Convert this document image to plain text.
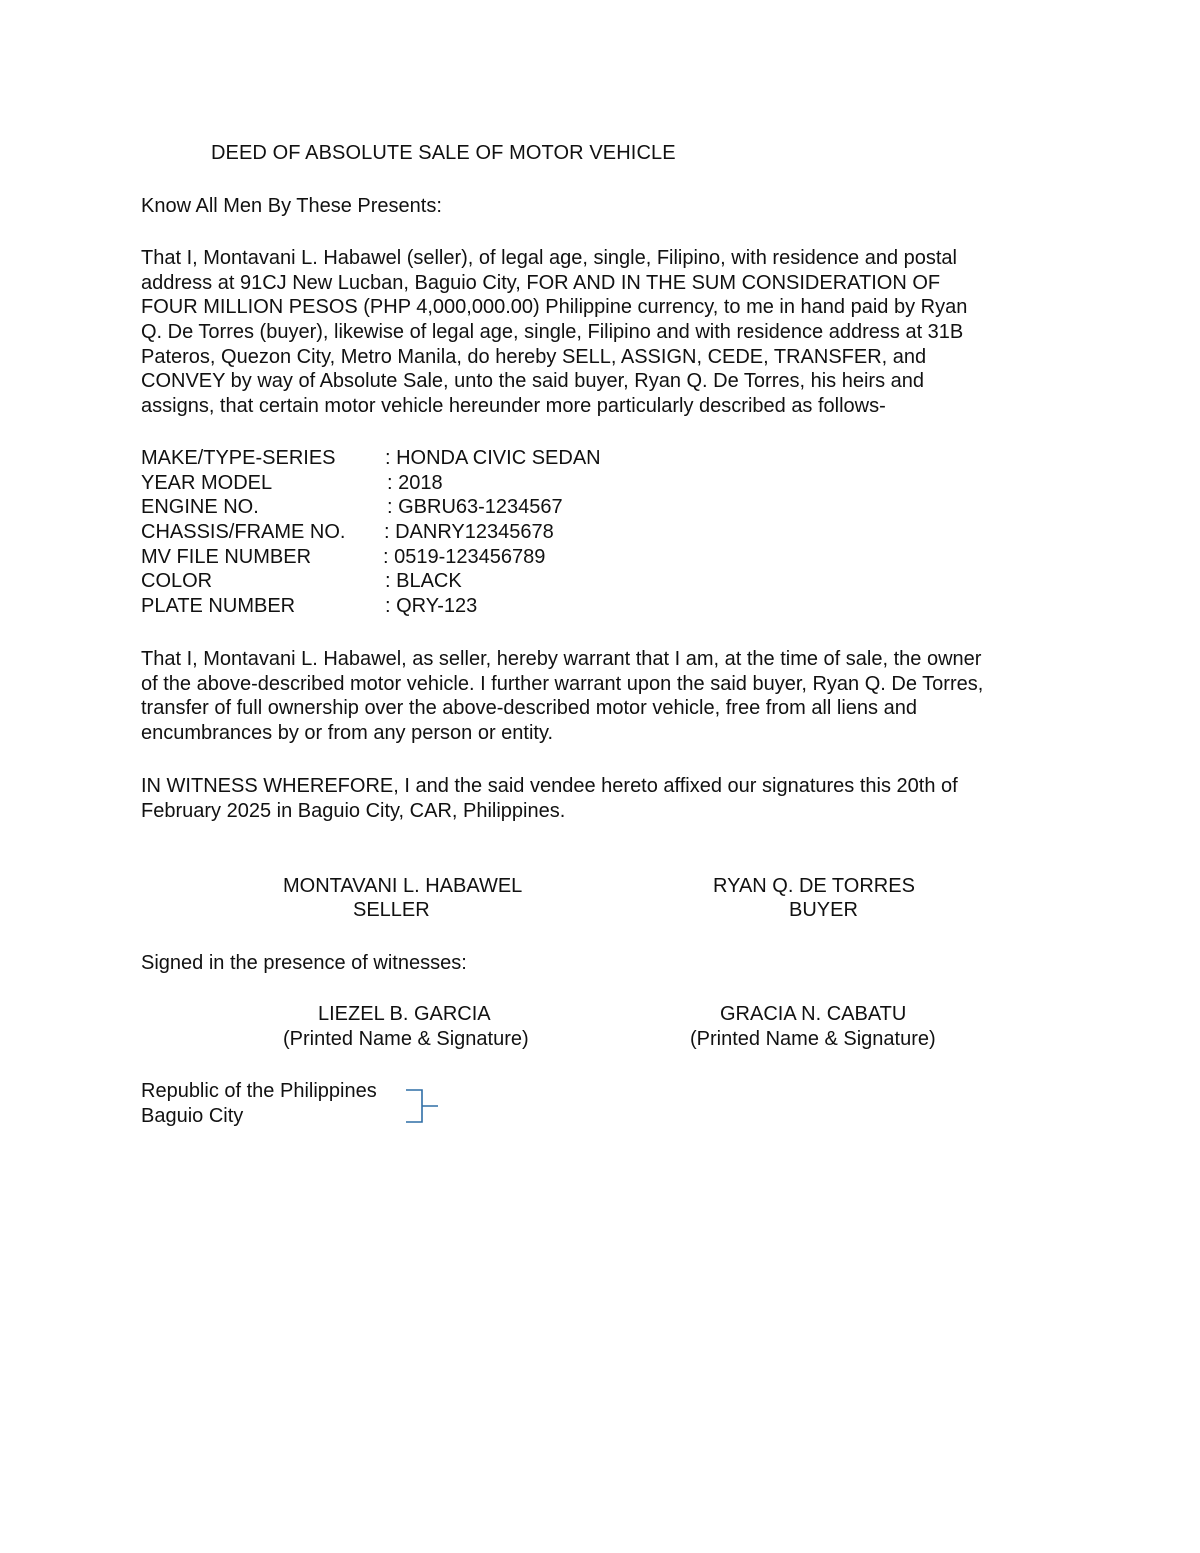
DEED OF ABSOLUTE SALE OF MOTOR VEHICLE
Know All Men By These Presents:
That I, Montavani L. Habawel (seller), of legal age, single, Filipino, with residence and postal
address at 91CJ New Lucban, Baguio City, FOR AND IN THE SUM CONSIDERATION OF
FOUR MILLION PESOS (PHP 4,000,000.00) Philippine currency, to me in hand paid by Ryan
Q. De Torres (buyer), likewise of legal age, single, Filipino and with residence address at 31B
Pateros, Quezon City, Metro Manila, do hereby SELL, ASSIGN, CEDE, TRANSFER, and
CONVEY by way of Absolute Sale, unto the said buyer, Ryan Q. De Torres, his heirs and
assigns, that certain motor vehicle hereunder more particularly described as follows-
MAKE/TYPE-SERIES : HONDA CIVIC SEDAN
YEAR MODEL	: 2018
ENGINE NO.	: GBRU63-1234567
CHASSIS/FRAME NO. : DANRY12345678
MV FILE NUMBER	: 0519-123456789
COLOR	: BLACK
PLATE NUMBER	: QRY-123
That I, Montavani L. Habawel, as seller, hereby warrant that I am, at the time of sale, the owner
of the above-described motor vehicle. I further warrant upon the said buyer, Ryan Q. De Torres,
transfer of full ownership over the above-described motor vehicle, free from all liens and
encumbrances by or from any person or entity.
IN WITNESS WHEREFORE, I and the said vendee hereto affixed our signatures this 20th of
February 2025 in Baguio City, CAR, Philippines.
MONTAVANI L. HABAWEL
SELLER
RYAN Q. DE TORRES
BUYER
Signed in the presence of witnesses:
LIEZEL B. GARCIA
(Printed Name & Signature)
GRACIA N. CABATU
(Printed Name & Signature)
Republic of the Philippines
Baguio City
